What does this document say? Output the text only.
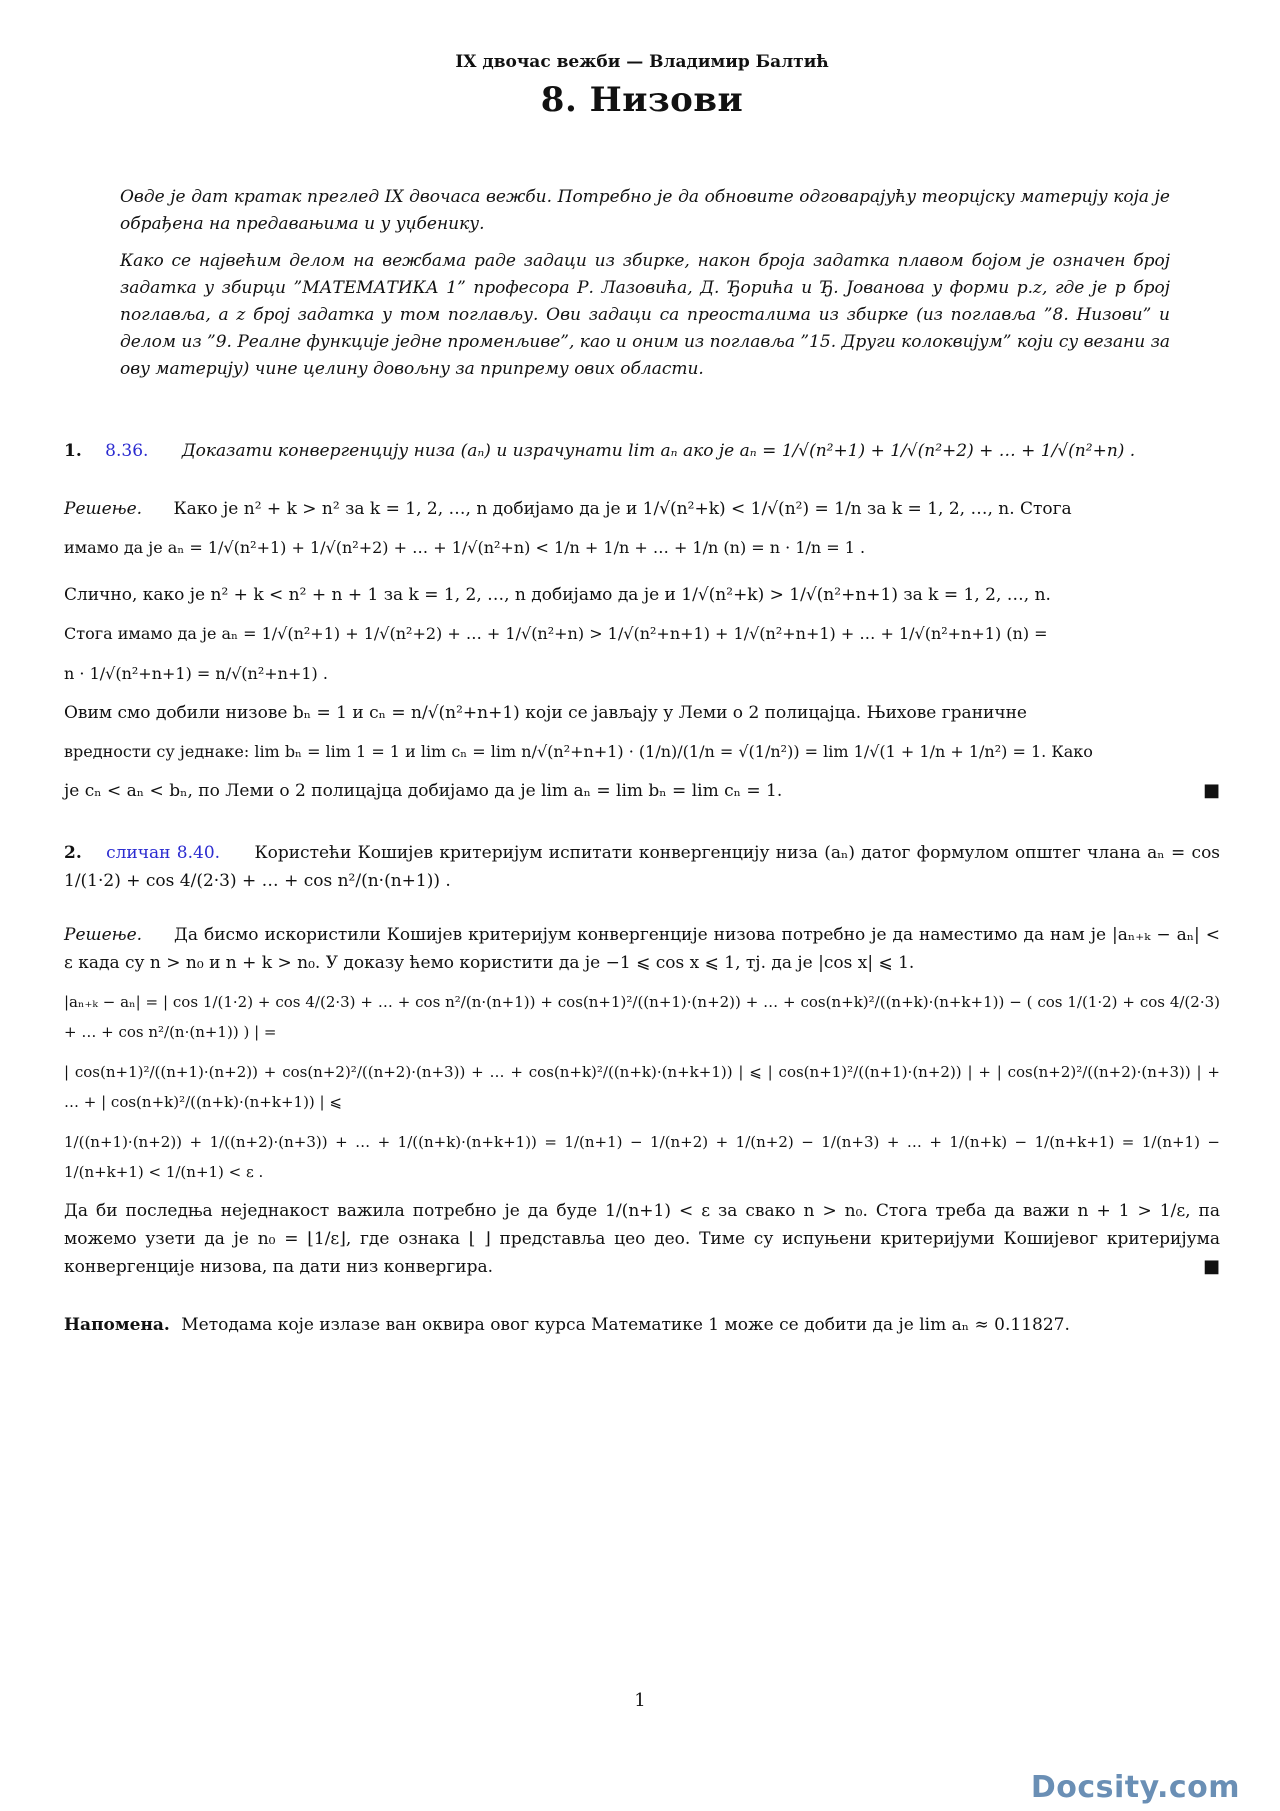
IX двочас вежби — Владимир Балтић
8. Низови

Овде је дат кратак преглед IX двочаса вежби. Потребно је да обновите одговарајућу теоријску материју која је обрађена на предавањима и у уџбенику.

Како се највећим делом на вежбама раде задаци из збирке, након броја задатка плавом бојом је означен број задатка у збирци ”МАТЕМАТИКА 1” професора Р. Лазовића, Д. Ђорића и Ђ. Јованова у форми p.z, где је p број поглавља, а z број задатка у том поглављу. Ови задаци са преосталима из збирке (из поглавља ”8. Низови” и делом из ”9. Реалне функције једне променљиве”, као и оним из поглавља ”15. Други колоквијум” који су везани за ову материју) чине целину довољну за припрему ових области.

1. 8.36. Доказати конвергенцију низа (aₙ) и израчунати lim aₙ ако је aₙ = 1/√(n²+1) + 1/√(n²+2) + … + 1/√(n²+n) .
Решење. Како је n² + k > n² за k = 1, 2, …, n добијамо да је и 1/√(n²+k) < 1/√(n²) = 1/n за k = 1, 2, …, n. Стога
имамо да је aₙ = 1/√(n²+1) + 1/√(n²+2) + … + 1/√(n²+n) < 1/n + 1/n + … + 1/n (n) = n · 1/n = 1 .
Слично, како је n² + k < n² + n + 1 за k = 1, 2, …, n добијамо да је и 1/√(n²+k) > 1/√(n²+n+1) за k = 1, 2, …, n.
Стога имамо да је aₙ = 1/√(n²+1) + 1/√(n²+2) + … + 1/√(n²+n) > 1/√(n²+n+1) + 1/√(n²+n+1) + … + 1/√(n²+n+1) (n) =
n · 1/√(n²+n+1) = n/√(n²+n+1) .
Овим смо добили низове bₙ = 1 и cₙ = n/√(n²+n+1) који се јављају у Леми о 2 полицајца. Њихове граничне
вредности су једнаке: lim bₙ = lim 1 = 1 и lim cₙ = lim n/√(n²+n+1) · (1/n)/(1/n = √(1/n²)) = lim 1/√(1 + 1/n + 1/n²) = 1. Како
је cₙ < aₙ < bₙ, по Леми о 2 полицајца добијамо да је lim aₙ = lim bₙ = lim cₙ = 1.	■
2. сличан 8.40. Користећи Кошијев критеријум испитати конвергенцију низа (aₙ) датог формулом општег члана aₙ = cos 1/(1·2) + cos 4/(2·3) + … + cos n²/(n·(n+1)) .
Решење. Да бисмо искористили Кошијев критеријум конвергенције низова потребно је да наместимо да нам је |aₙ₊ₖ − aₙ| < ε када су n > n₀ и n + k > n₀. У доказу ћемо користити да је −1 ⩽ cos x ⩽ 1, тј. да је |cos x| ⩽ 1.
|aₙ₊ₖ − aₙ| = | cos 1/(1·2) + cos 4/(2·3) + … + cos n²/(n·(n+1)) + cos(n+1)²/((n+1)·(n+2)) + … + cos(n+k)²/((n+k)·(n+k+1)) − ( cos 1/(1·2) + cos 4/(2·3) + … + cos n²/(n·(n+1)) ) | =
| cos(n+1)²/((n+1)·(n+2)) + cos(n+2)²/((n+2)·(n+3)) + … + cos(n+k)²/((n+k)·(n+k+1)) | ⩽ | cos(n+1)²/((n+1)·(n+2)) | + | cos(n+2)²/((n+2)·(n+3)) | + … + | cos(n+k)²/((n+k)·(n+k+1)) | ⩽
1/((n+1)·(n+2)) + 1/((n+2)·(n+3)) + … + 1/((n+k)·(n+k+1)) = 1/(n+1) − 1/(n+2) + 1/(n+2) − 1/(n+3) + … + 1/(n+k) − 1/(n+k+1) = 1/(n+1) − 1/(n+k+1) < 1/(n+1) < ε .
Да би последња неједнакост важила потребно је да буде 1/(n+1) < ε за свако n > n₀. Стога треба да важи n + 1 > 1/ε, па можемо узети да је n₀ = ⌊1/ε⌋, где ознака ⌊ ⌋ представља цео део. Тиме су испуњени критеријуми Кошијевог критеријума конвергенције низова, па дати низ конвергира.	■
Напомена. Методама које излазе ван оквира овог курса Математике 1 може се добити да је lim aₙ ≈ 0.11827.
1
Docsity.com
